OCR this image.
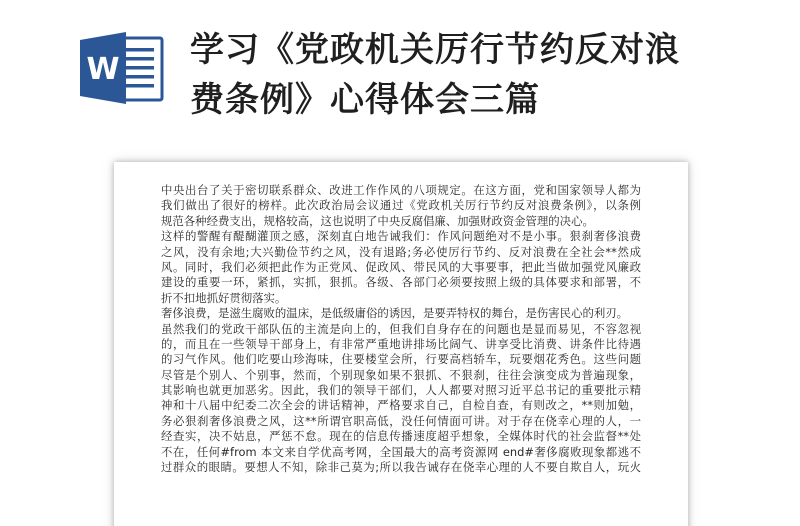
W 学习《党政机关厉行节约反对浪
费条例》心得体会三篇
中央出台了关于密切联系群众、改进工作作风的八项规定。在这方面，党和国家领导人都为
我们做出了很好的榜样。此次政治局会议通过《党政机关厉行节约反对浪费条例》，以条例
规范各种经费支出，规格较高，这也说明了中央反腐倡廉、加强财政资金管理的决心。
这样的警醒有醍醐灌顶之感，深刻直白地告诫我们：作风问题绝对不是小事。狠刹奢侈浪费
之风，没有余地;大兴勤俭节约之风，没有退路;务必使厉行节约、反对浪费在全社会**然成
风。同时，我们必须把此作为正党风、促政风、带民风的大事要事，把此当做加强党风廉政
建设的重要一环，紧抓，实抓，狠抓。各级、各部门必须要按照上级的具体要求和部署，不
折不扣地抓好贯彻落实。
奢侈浪费，是滋生腐败的温床，是低级庸俗的诱因，是要弄特权的舞台，是伤害民心的利刃。
虽然我们的党政干部队伍的主流是向上的，但我们自身存在的问题也是显而易见，不容忽视
的，而且在一些领导干部身上，有非常严重地讲排场比阔气、讲享受比消费、讲条件比待遇
的习气作风。他们吃要山珍海味，住要楼堂会所，行要高档轿车，玩要烟花秀色。这些问题
尽管是个别人、个别事，然而，个别现象如果不狠抓、不狠刹，往往会演变成为普遍现象，
其影响也就更加恶劣。因此，我们的领导干部们，人人都要对照习近平总书记的重要批示精
神和十八届中纪委二次全会的讲话精神，严格要求自己，自检自查，有则改之，**则加勉，
务必狠刹奢侈浪费之风，这**所谓官职高低，没任何情面可讲。对于存在侥幸心理的人，一
经查实，决不姑息，严惩不怠。现在的信息传播速度超乎想象，全媒体时代的社会监督**处
不在，任何#from 本文来自学优高考网，全国最大的高考资源网 end#奢侈腐败现象都逃不
过群众的眼睛。要想人不知，除非己莫为;所以我告诫存在侥幸心理的人不要自欺自人，玩火
